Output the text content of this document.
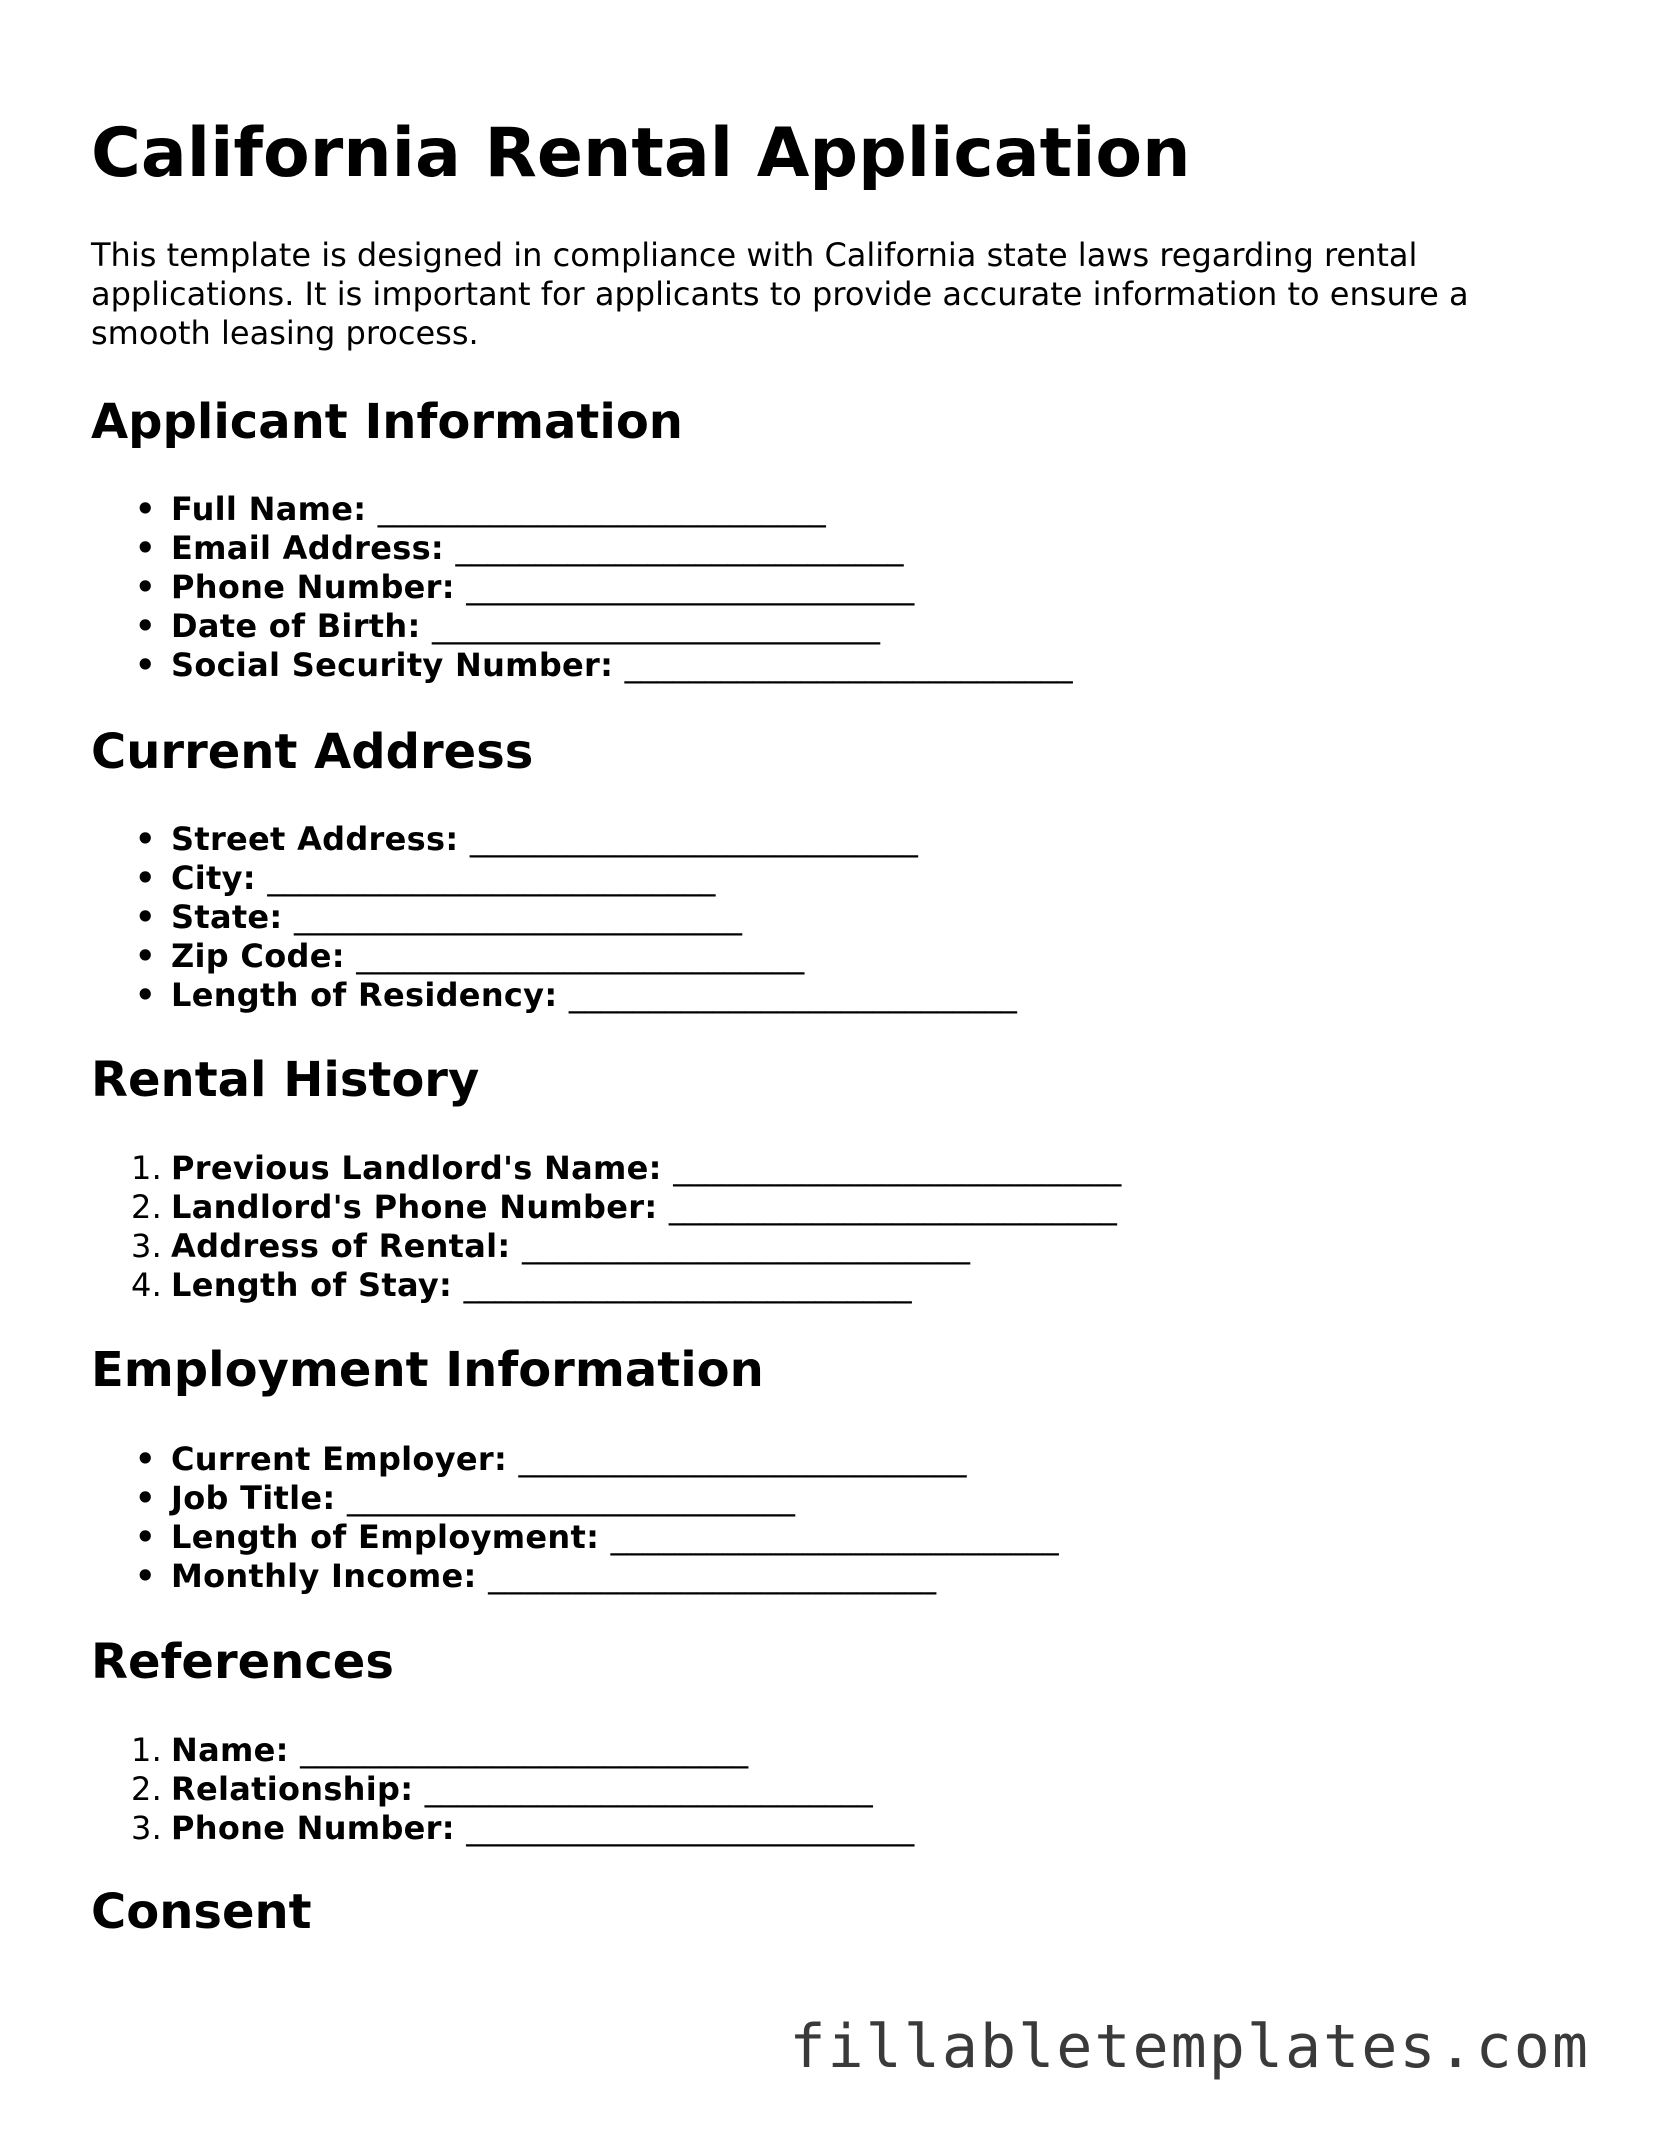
California Rental Application

This template is designed in compliance with California state laws regarding rental applications. It is important for applicants to provide accurate information to ensure a smooth leasing process.

Applicant Information
• Full Name: ____________________________
• Email Address: ____________________________
• Phone Number: ____________________________
• Date of Birth: ____________________________
• Social Security Number: ____________________________
Current Address
• Street Address: ____________________________
• City: ____________________________
• State: ____________________________
• Zip Code: ____________________________
• Length of Residency: ____________________________
Rental History
1. Previous Landlord's Name: ____________________________
2. Landlord's Phone Number: ____________________________
3. Address of Rental: ____________________________
4. Length of Stay: ____________________________
Employment Information
• Current Employer: ____________________________
• Job Title: ____________________________
• Length of Employment: ____________________________
• Monthly Income: ____________________________
References
1. Name: ____________________________
2. Relationship: ____________________________
3. Phone Number: ____________________________
Consent
fillabletemplates.com
